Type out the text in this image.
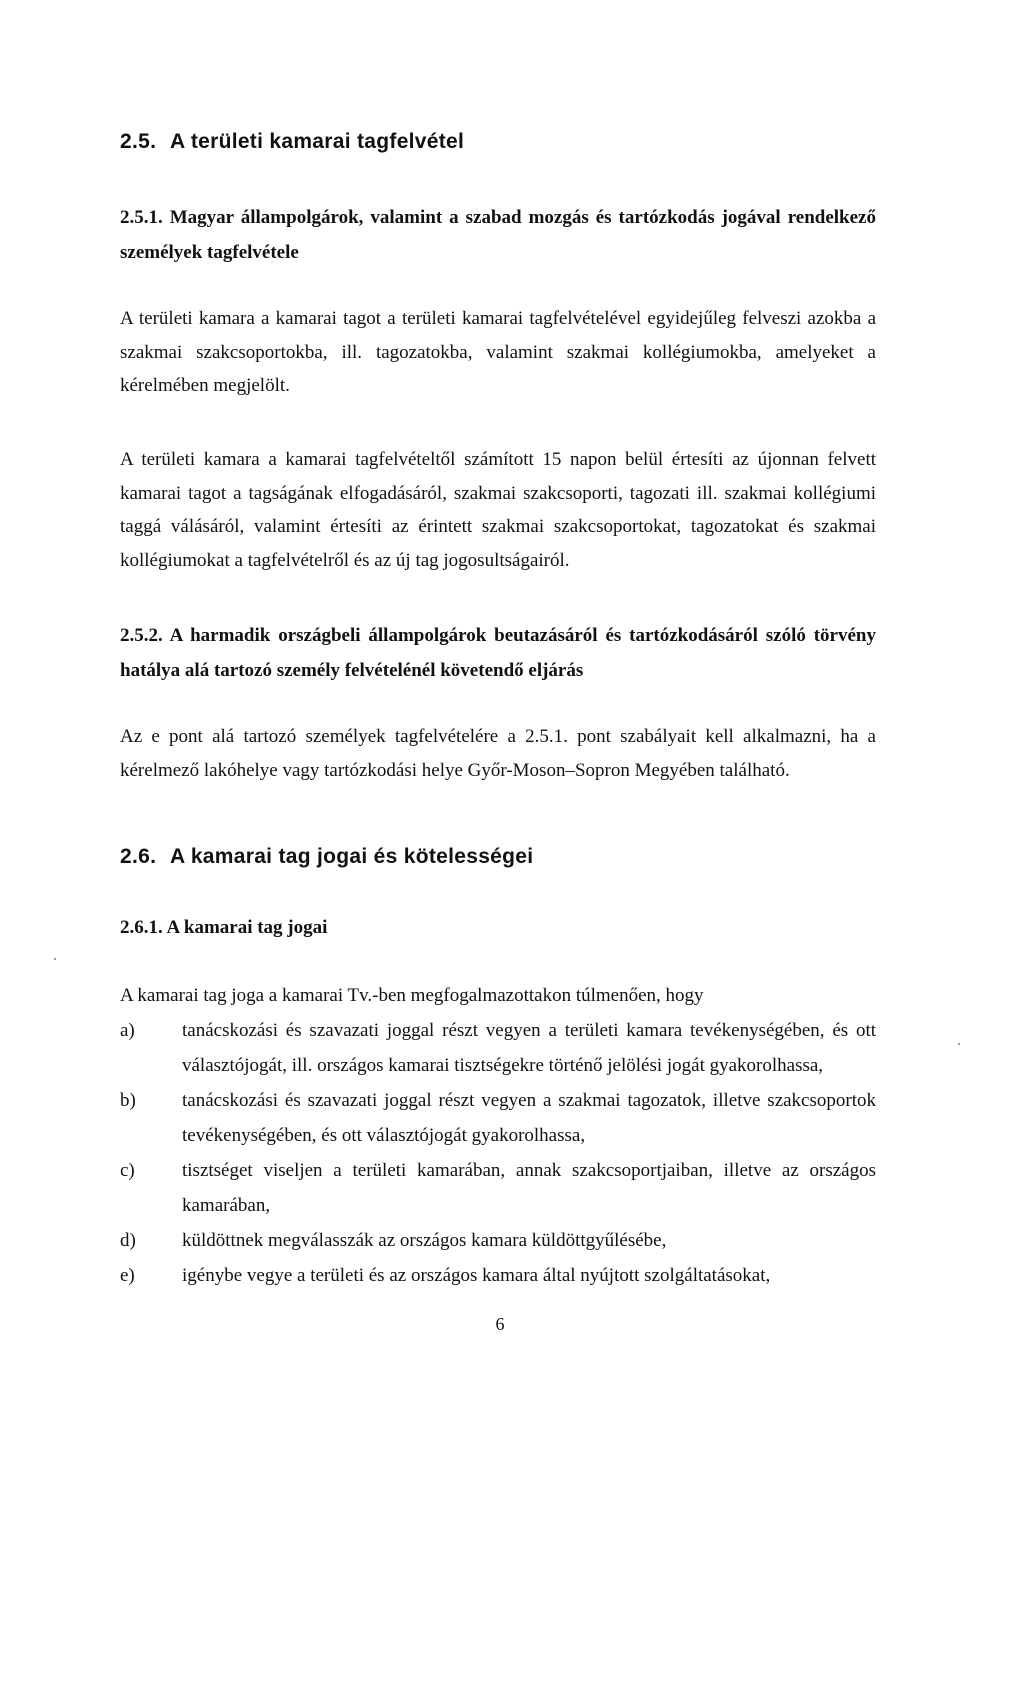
2.5. A területi kamarai tagfelvétel
2.5.1. Magyar állampolgárok, valamint a szabad mozgás és tartózkodás jogával rendelkező személyek tagfelvétele
A területi kamara a kamarai tagot a területi kamarai tagfelvételével egyidejűleg felveszi azokba a szakmai szakcsoportokba, ill. tagozatokba, valamint szakmai kollégiumokba, amelyeket a kérelmében megjelölt.
A területi kamara a kamarai tagfelvételtől számított 15 napon belül értesíti az újonnan felvett kamarai tagot a tagságának elfogadásáról, szakmai szakcsoporti, tagozati ill. szakmai kollégiumi taggá válásáról, valamint értesíti az érintett szakmai szakcsoportokat, tagozatokat és szakmai kollégiumokat a tagfelvételről és az új tag jogosultságairól.
2.5.2. A harmadik országbeli állampolgárok beutazásáról és tartózkodásáról szóló törvény hatálya alá tartozó személy felvételénél követendő eljárás
Az e pont alá tartozó személyek tagfelvételére a 2.5.1. pont szabályait kell alkalmazni, ha a kérelmező lakóhelye vagy tartózkodási helye Győr-Moson–Sopron Megyében található.
2.6. A kamarai tag jogai és kötelességei
2.6.1. A kamarai tag jogai
A kamarai tag joga a kamarai Tv.-ben megfogalmazottakon túlmenően, hogy
a) tanácskozási és szavazati joggal részt vegyen a területi kamara tevékenységében, és ott választójogát, ill. országos kamarai tisztségekre történő jelölési jogát gyakorolhassa,
b) tanácskozási és szavazati joggal részt vegyen a szakmai tagozatok, illetve szakcsoportok tevékenységében, és ott választójogát gyakorolhassa,
c) tisztséget viseljen a területi kamarában, annak szakcsoportjaiban, illetve az országos kamarában,
d) küldöttnek megválasszák az országos kamara küldöttgyűlésébe,
e) igénybe vegye a területi és az országos kamara által nyújtott szolgáltatásokat,
6
